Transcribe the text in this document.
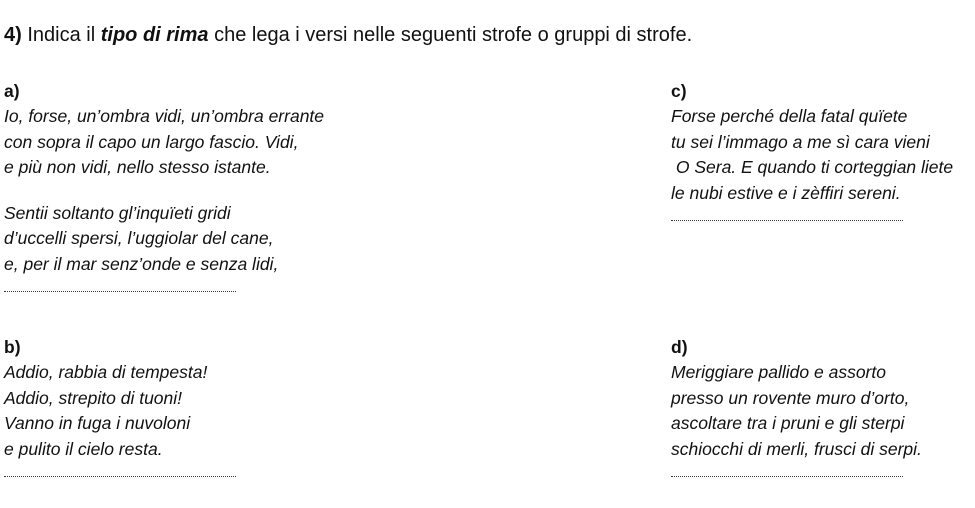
4) Indica il tipo di rima che lega i versi nelle seguenti strofe o gruppi di strofe.
a)
Io, forse, un’ombra vidi, un’ombra errante
con sopra il capo un largo fascio. Vidi,
e più non vidi, nello stesso istante.
Sentii soltanto gl’inquïeti gridi
d’uccelli spersi, l’uggiolar del cane,
e, per il mar senz’onde e senza lidi,
c)
Forse perché della fatal quïete
tu sei l’immago a me sì cara vieni
O Sera. E quando ti corteggian liete
le nubi estive e i zèffiri sereni.
b)
Addio, rabbia di tempesta!
Addio, strepito di tuoni!
Vanno in fuga i nuvoloni
e pulito il cielo resta.
d)
Meriggiare pallido e assorto
presso un rovente muro d’orto,
ascoltare tra i pruni e gli sterpi
schiocchi di merli, frusci di serpi.
